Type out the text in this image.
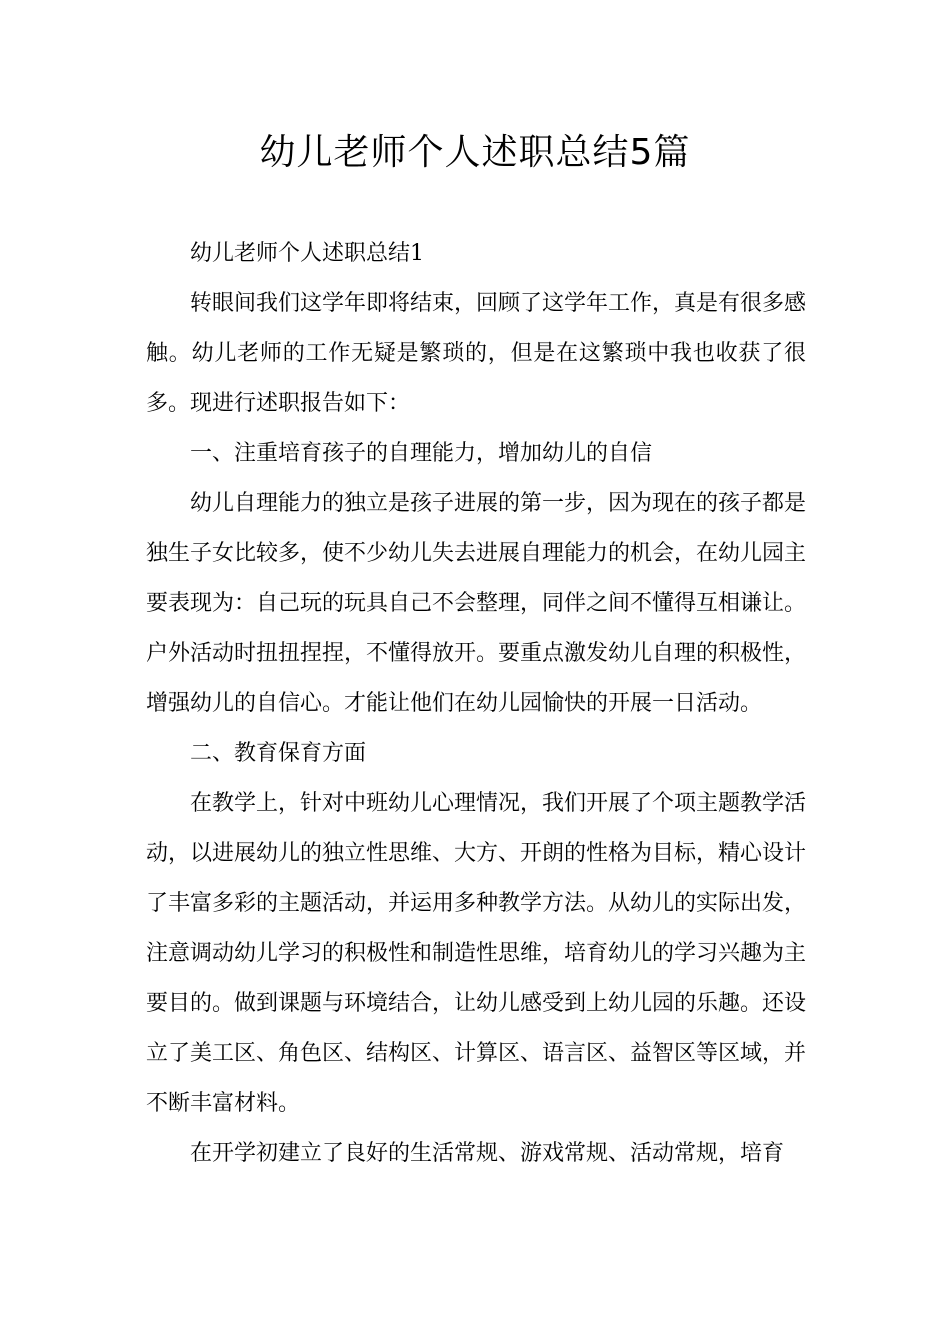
幼儿老师个人述职总结5篇

幼儿老师个人述职总结1

转眼间我们这学年即将结束，回顾了这学年工作，真是有很多感触。幼儿老师的工作无疑是繁琐的，但是在这繁琐中我也收获了很多。现进行述职报告如下：

一、注重培育孩子的自理能力，增加幼儿的自信

幼儿自理能力的独立是孩子进展的第一步，因为现在的孩子都是独生子女比较多，使不少幼儿失去进展自理能力的机会，在幼儿园主要表现为：自己玩的玩具自己不会整理，同伴之间不懂得互相谦让。户外活动时扭扭捏捏，不懂得放开。要重点激发幼儿自理的积极性，增强幼儿的自信心。才能让他们在幼儿园愉快的开展一日活动。

二、教育保育方面

在教学上，针对中班幼儿心理情况，我们开展了个项主题教学活动，以进展幼儿的独立性思维、大方、开朗的性格为目标，精心设计了丰富多彩的主题活动，并运用多种教学方法。从幼儿的实际出发，注意调动幼儿学习的积极性和制造性思维，培育幼儿的学习兴趣为主要目的。做到课题与环境结合，让幼儿感受到上幼儿园的乐趣。还设立了美工区、角色区、结构区、计算区、语言区、益智区等区域，并不断丰富材料。

在开学初建立了良好的生活常规、游戏常规、活动常规，培育
